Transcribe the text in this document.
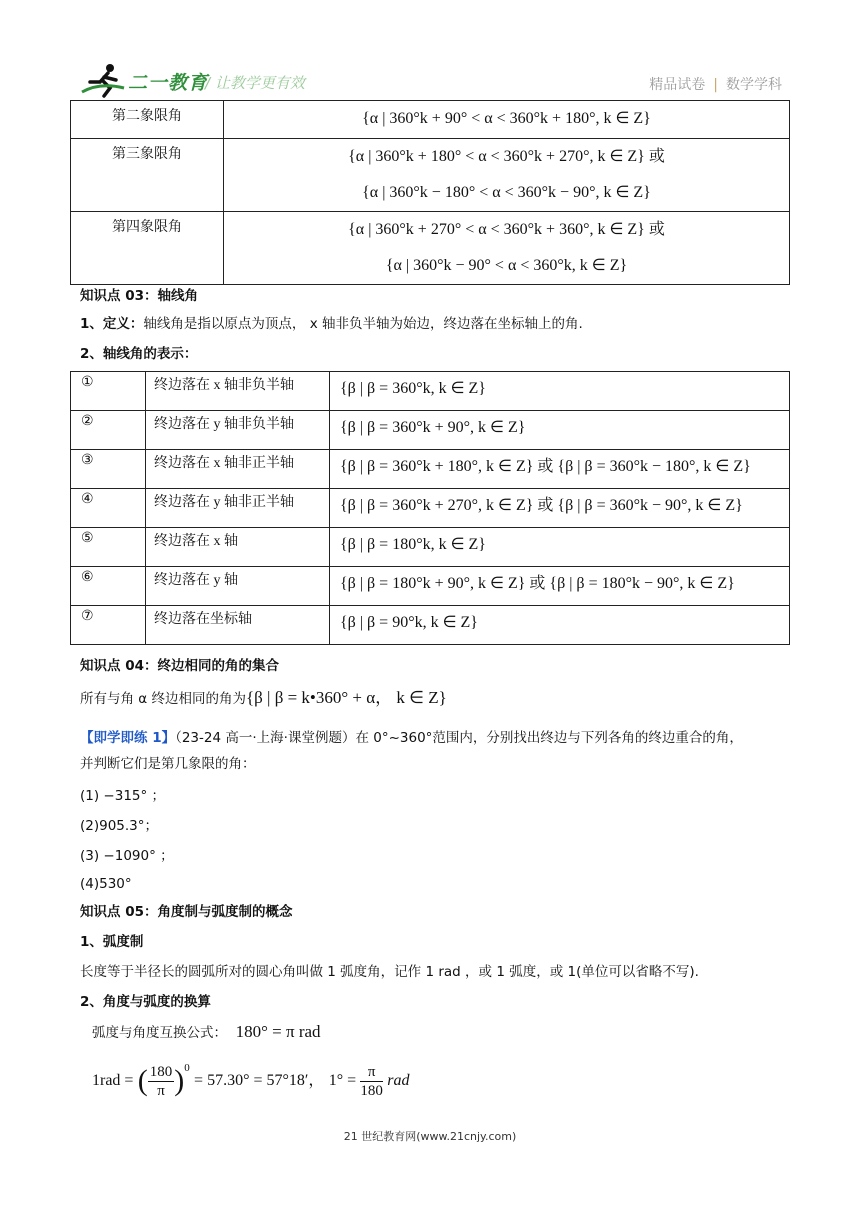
二一教育
/ 让教学更有效	精品试卷 | 数学学科
第二象限角	{α | 360°k + 90° < α < 360°k + 180°, k ∈ Z}

第三象限角	{α | 360°k + 180° < α < 360°k + 270°, k ∈ Z} 或
{α | 360°k − 180° < α < 360°k − 90°, k ∈ Z}

第四象限角	{α | 360°k + 270° < α < 360°k + 360°, k ∈ Z} 或
{α | 360°k − 90° < α < 360°k, k ∈ Z}
知识点 03：轴线角
1、定义：轴线角是指以原点为顶点， x 轴非负半轴为始边，终边落在坐标轴上的角.
2、轴线角的表示：
①	终边落在 x 轴非负半轴	{β | β = 360°k, k ∈ Z}
②	终边落在 y 轴非负半轴	{β | β = 360°k + 90°, k ∈ Z}
③	终边落在 x 轴非正半轴	{β | β = 360°k + 180°, k ∈ Z} 或 {β | β = 360°k − 180°, k ∈ Z}
④	终边落在 y 轴非正半轴	{β | β = 360°k + 270°, k ∈ Z} 或 {β | β = 360°k − 90°, k ∈ Z}
⑤	终边落在 x 轴	{β | β = 180°k, k ∈ Z}
⑥	终边落在 y 轴	{β | β = 180°k + 90°, k ∈ Z} 或 {β | β = 180°k − 90°, k ∈ Z}
⑦	终边落在坐标轴	{β | β = 90°k, k ∈ Z}
知识点 04：终边相同的角的集合
所有与角 α 终边相同的角为{β | β = k•360° + α， k ∈ Z}
【即学即练 1】（23-24 高一·上海·课堂例题）在 0°~360°范围内，分别找出终边与下列各角的终边重合的角，
并判断它们是第几象限的角：
(1) −315° ；
(2)905.3°；
(3) −1090° ；
(4)530°
知识点 05：角度制与弧度制的概念
1、弧度制
长度等于半径长的圆弧所对的圆心角叫做 1 弧度角，记作 1 rad ，或 1 弧度，或 1(单位可以省略不写).
2、角度与弧度的换算
弧度与角度互换公式： 180° = π rad
1rad = ( $\frac{180}{\pi} )^0 = 57.30^\circ = 57^\circ 18'$， $1^\circ = \frac{\pi}{180}$ rad
21 世纪教育网(www.21cnjy.com)
